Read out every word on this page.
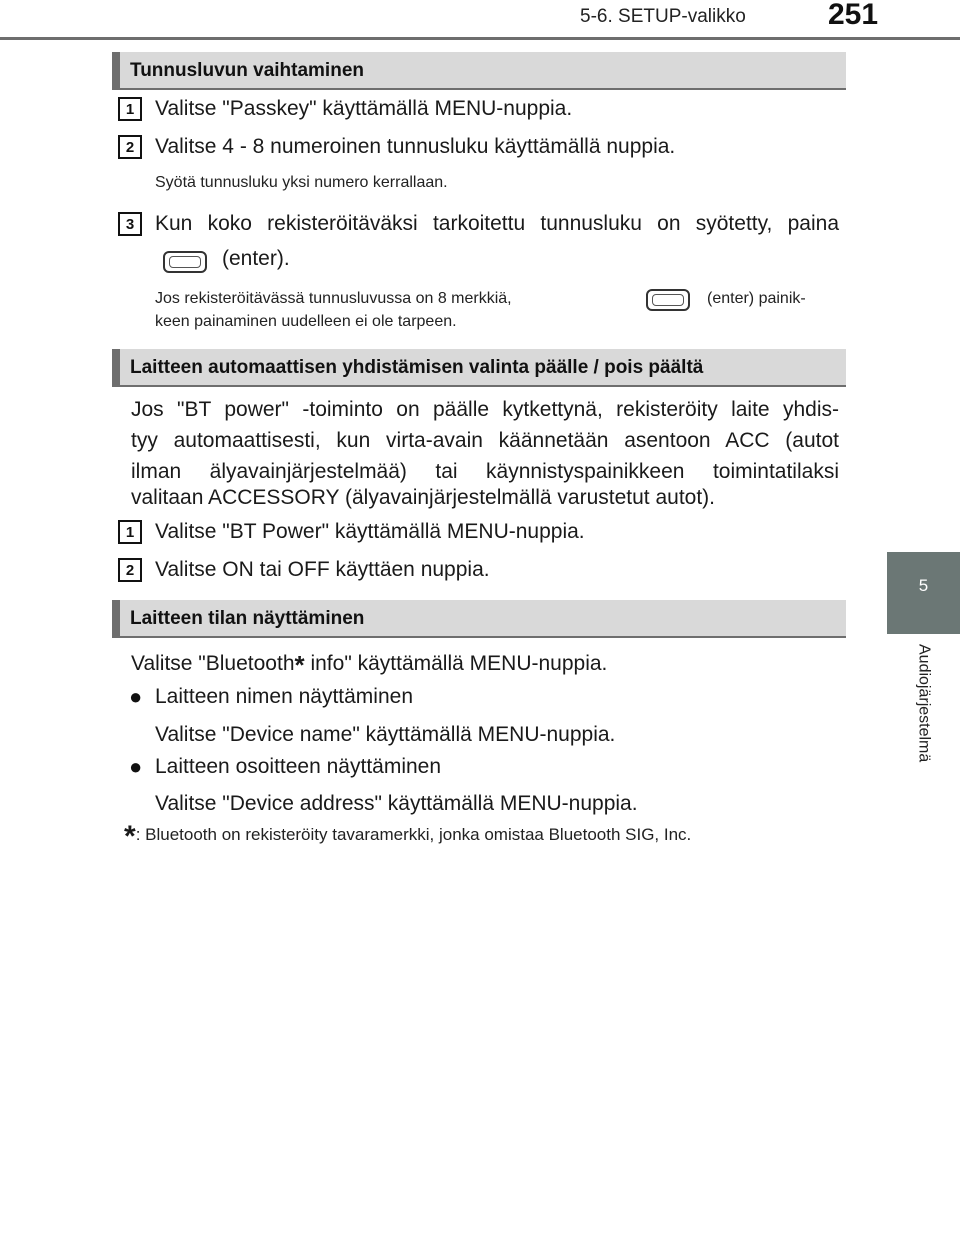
5-6. SETUP-valikko	251
5
Audiojärjestelmä
Tunnusluvun vaihtaminen
1 Valitse "Passkey" käyttämällä MENU-nuppia.
2 Valitse 4 - 8 numeroinen tunnusluku käyttämällä nuppia.
Syötä tunnusluku yksi numero kerrallaan.
3 Kun koko rekisteröitäväksi tarkoitettu tunnusluku on syötetty, paina
(enter).
Jos rekisteröitävässä tunnusluvussa on 8 merkkiä,	(enter) painik-
keen painaminen uudelleen ei ole tarpeen.
Laitteen automaattisen yhdistämisen valinta päälle / pois päältä
Jos "BT power" -toiminto on päälle kytkettynä, rekisteröity laite yhdis-
tyy automaattisesti, kun virta-avain käännetään asentoon ACC (autot
ilman älyavainjärjestelmää) tai käynnistyspainikkeen toimintatilaksi
valitaan ACCESSORY (älyavainjärjestelmällä varustetut autot).
1 Valitse "BT Power" käyttämällä MENU-nuppia.
2 Valitse ON tai OFF käyttäen nuppia.
Laitteen tilan näyttäminen
Valitse "Bluetooth* info" käyttämällä MENU-nuppia.
● Laitteen nimen näyttäminen
Valitse "Device name" käyttämällä MENU-nuppia.
● Laitteen osoitteen näyttäminen
Valitse "Device address" käyttämällä MENU-nuppia.
*: Bluetooth on rekisteröity tavaramerkki, jonka omistaa Bluetooth SIG, Inc.
